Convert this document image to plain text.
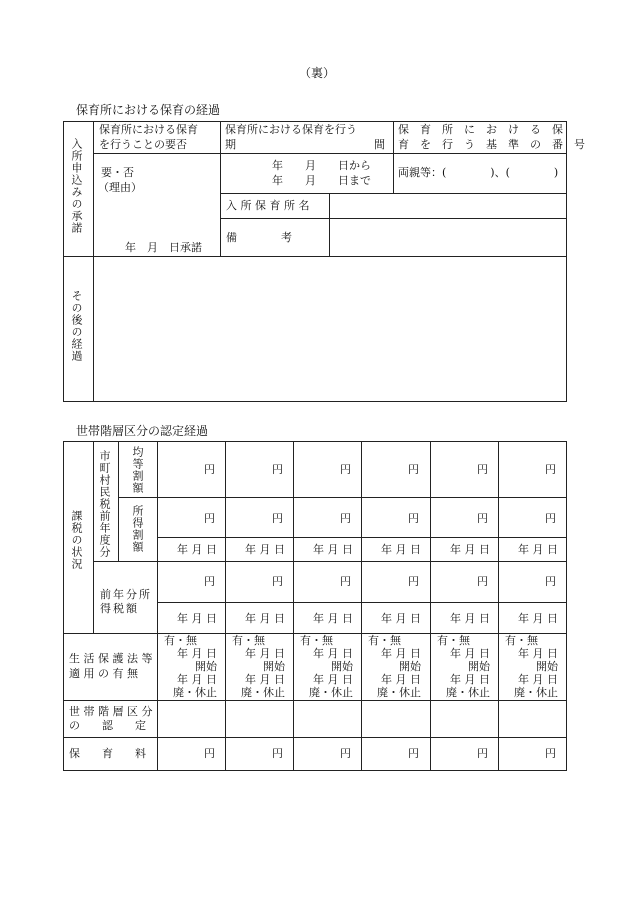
（裏）
保育所における保育の経過
入所申込みの承諾
保育所における保育
を行うことの要否
保育所における保育を行う
期	間
保　育　所　に　お　け　る　保
育　を　行　う　基　準　の　番　号
要・否
（理由）
年　月　日承諾
年　　月　　日から
年　　月　　日まで
両親等：(　　　　)、(　　　　)
入 所 保 育 所 名
備　　　　考
その後の経過
世帯階層区分の認定経過
課税の状況 市町村民税前年度分 均等割額
所得割額
前年分所得税額
生 活 保 護 法 等
適 用 の 有 無
世 帯 階 層 区 分
の　　認　　定
保　　育　　料
円
円
年 月 日
円
年 月 日
有・無
年 月 日
開始
年 月 日
廃・休止
円
円
円
年 月 日
円
年 月 日
有・無
年 月 日
開始
年 月 日
廃・休止
円
円
円
年 月 日
円
年 月 日
有・無
年 月 日
開始
年 月 日
廃・休止
円
円
円
年 月 日
円
年 月 日
有・無
年 月 日
開始
年 月 日
廃・休止
円
円
円
年 月 日
円
年 月 日
有・無
年 月 日
開始
年 月 日
廃・休止
円
円
円
年 月 日
円
年 月 日
有・無
年 月 日
開始
年 月 日
廃・休止
円
